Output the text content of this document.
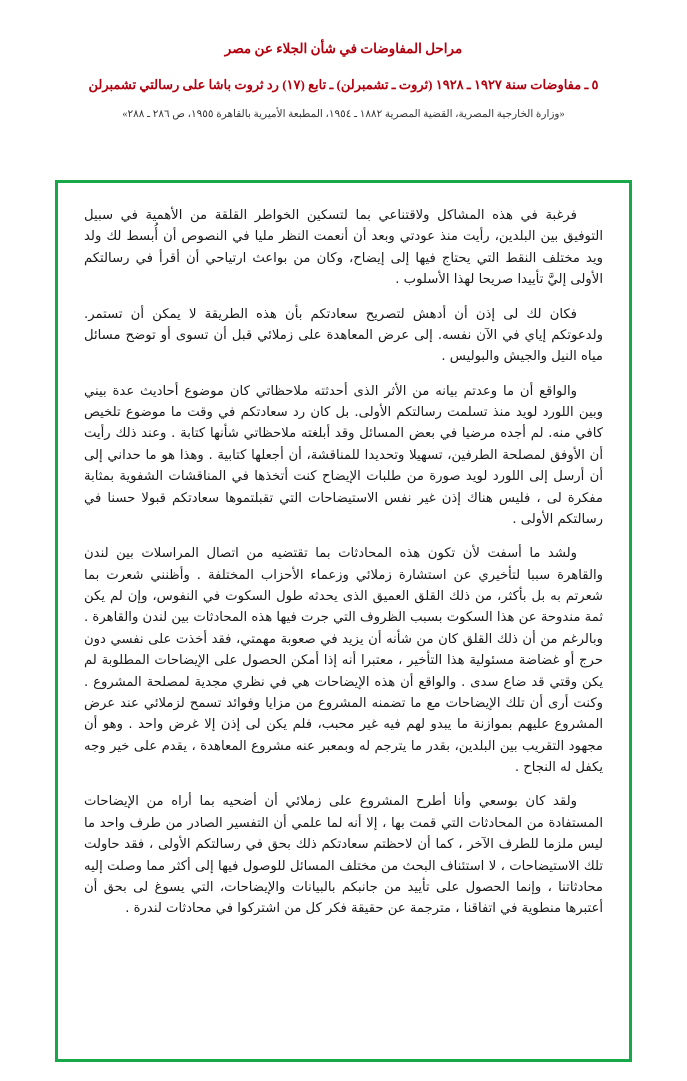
مراحل المفاوضات في شأن الجلاء عن مصر
٥ ـ مفاوضات سنة ١٩٢٧ ـ ١٩٢٨ (ثروت ـ تشمبرلن) ـ تابع (١٧) رد ثروت باشا على رسالتي تشمبرلن
«وزارة الخارجية المصرية، القضية المصرية ١٨٨٢ ـ ١٩٥٤، المطبعة الأميرية بالقاهرة ١٩٥٥، ص ٢٨٦ ـ ٢٨٨»

فرغبة في هذه المشاكل ولاقتناعي بما لتسكين الخواطر القلقة من الأهمية في سبيل التوفيق بين البلدين، رأيت منذ عودتي وبعد أن أنعمت النظر مليا في النصوص أن أُبسط لك ولد ويد مختلف النقط التي يحتاج فيها إلى إيضاح، وكان من بواعث ارتياحي أن أقرأ في رسالتكم الأولى إليَّ تأييدا صريحا لهذا الأسلوب .

فكان لك لى إذن أن أدهش لتصريح سعادتكم بأن هذه الطريقة لا يمكن أن تستمر. ولدعوتكم إياي في الآن نفسه. إلى عرض المعاهدة على زملائي قبل أن تسوى أو توضح مسائل مياه النيل والجيش والبوليس .

والواقع أن ما وعدتم بيانه من الأثر الذى أحدثته ملاحظاتي كان موضوع أحاديث عدة بيني وبين اللورد لويد منذ تسلمت رسالتكم الأولى. بل كان رد سعادتكم في وقت ما موضوع تلخيص كافي منه. لم أجده مرضيا في بعض المسائل وقد أبلغته ملاحظاتي شأنها كتابة . وعند ذلك رأيت أن الأوفق لمصلحة الطرفين، تسهيلا وتحديدا للمناقشة، أن أجعلها كتابية . وهذا هو ما حداني إلى أن أرسل إلى اللورد لويد صورة من طلبات الإيضاح كنت أتخذها في المناقشات الشفوية بمثابة مفكرة لى ، فليس هناك إذن غير نفس الاستيضاحات التي تقبلتموها سعادتكم قبولا حسنا في رسالتكم الأولى .

ولشد ما أسفت لأن تكون هذه المحادثات بما تقتضيه من اتصال المراسلات بين لندن والقاهرة سببا لتأخيري عن استشارة زملائي وزعماء الأحزاب المختلفة . وأظنني شعرت بما شعرتم به بل بأكثر، من ذلك القلق العميق الذى يحدثه طول السكوت في النفوس، وإن لم يكن ثمة مندوحة عن هذا السكوت بسبب الظروف التي جرت فيها هذه المحادثات بين لندن والقاهرة . وبالرغم من أن ذلك القلق كان من شأنه أن يزيد في صعوبة مهمتي، فقد أخذت على نفسي دون حرج أو غضاضة مسئولية هذا التأخير ، معتبرا أنه إذا أمكن الحصول على الإيضاحات المطلوبة لم يكن وقتي قد ضاع سدى . والواقع أن هذه الإيضاحات هي في نظري مجدية لمصلحة المشروع . وكنت أرى أن تلك الإيضاحات مع ما تضمنه المشروع من مزايا وفوائد تسمح لزملائي عند عرض المشروع عليهم بموازنة ما يبدو لهم فيه غير محبب، فلم يكن لى إذن إلا غرض واحد . وهو أن مجهود التقريب بين البلدين، بقدر ما يترجم له وبمعبر عنه مشروع المعاهدة ، يقدم على خير وجه يكفل له النجاح .

ولقد كان بوسعي وأنا أطرح المشروع على زملائي أن أضحيه بما أراه من الإيضاحات المستفادة من المحادثات التي قمت بها ، إلا أنه لما علمي أن التفسير الصادر من طرف واحد ما ليس ملزما للطرف الآخر ، كما أن لاحظتم سعادتكم ذلك بحق في رسالتكم الأولى ، فقد حاولت تلك الاستيضاحات ، لا استئناف البحث من مختلف المسائل للوصول فيها إلى أكثر مما وصلت إليه محادثاتنا ، وإنما الحصول على تأييد من جانبكم بالبيانات والإيضاحات، التي يسوغ لى بحق أن أعتبرها منطوية في اتفاقنا ، مترجمة عن حقيقة فكر كل من اشتركوا في محادثات لندرة .
